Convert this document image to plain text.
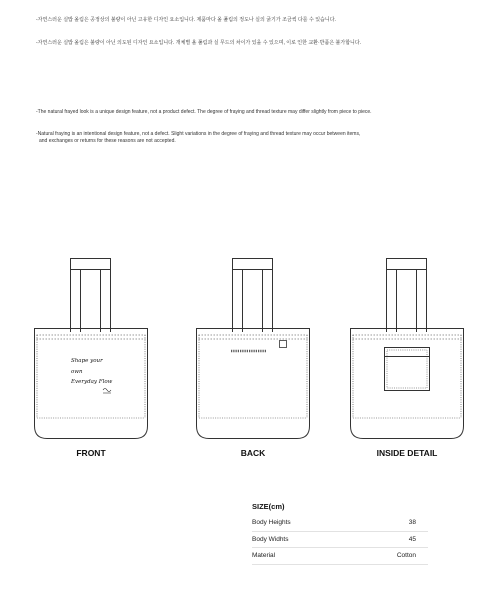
-자연스러운 실밥 올림은 공정상의 불량이 아닌 고유한 디자인 요소입니다. 제품마다 올 풀림의 정도나 실의 굵기가 조금씩 다를 수 있습니다.
-자연스러운 실밥 올림은 불량이 아닌 의도된 디자인 요소입니다. 개체별 올 풀림과 실 무드의 차이가 있을 수 있으며, 이로 인한 교환·반품은 불가합니다.
-The natural frayed look is a unique design feature, not a product defect. The degree of fraying and thread texture may differ slightly from piece to piece.
-Natural fraying is an intentional design feature, not a defect. Slight variations in the degree of fraying and thread texture may occur between items,
and exchanges or returns for these reasons are not accepted.
Shape your
own
Everyday Flow
FRONT	BACK	INSIDE DETAIL
SIZE(cm)
Body Heights	38
Body Widhts	45
Material	Cotton
